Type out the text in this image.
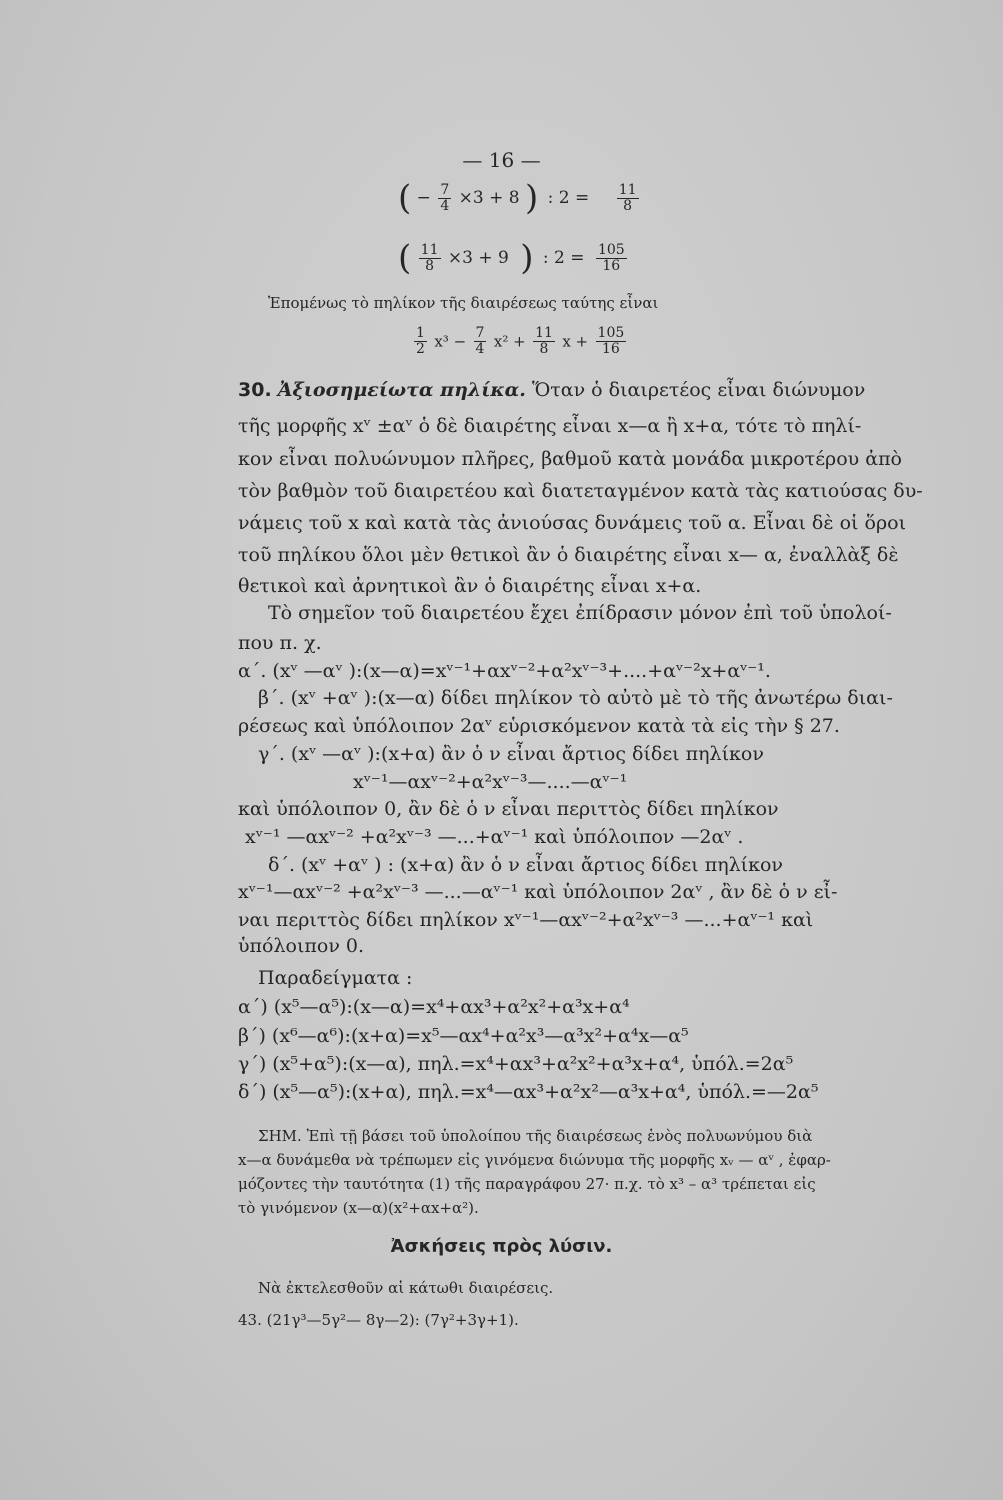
— 16 —
( − $\frac{7}{4} \times 3 + 8$ ) : $2 = \frac{11}{8}$
( $\frac{11}{8} \times 3 + 9$ ) : $2 = \frac{105}{16}$
Ἑπομένως τὸ πηλίκον τῆς διαιρέσεως ταύτης εἶναι
$\frac{1}{2} x^3 - \frac{7}{4} x^2 + \frac{11}{8}$ $x + \frac{105}{16}$
30. Ἀξιοσημείωτα πηλίκα. Ὅταν ὁ διαιρετέος εἶναι διώνυμον
τῆς μορφῆς xᵛ ±αᵛ ὁ δὲ διαιρέτης εἶναι x—α ἢ x+α, τότε τὸ πηλί-
κον εἶναι πολυώνυμον πλῆρες, βαθμοῦ κατὰ μονάδα μικροτέρου ἀπὸ
τὸν βαθμὸν τοῦ διαιρετέου καὶ διατεταγμένον κατὰ τὰς κατιούσας δυ-
νάμεις τοῦ x καὶ κατὰ τὰς ἀνιούσας δυνάμεις τοῦ α. Εἶναι δὲ οἱ ὅροι
τοῦ πηλίκου ὅλοι μὲν θετικοὶ ἂν ὁ διαιρέτης εἶναι x— α, ἐναλλὰξ δὲ
θετικοὶ καὶ ἀρνητικοὶ ἂν ὁ διαιρέτης εἶναι x+α.
Τὸ σημεῖον τοῦ διαιρετέου ἔχει ἐπίδρασιν μόνον ἐπὶ τοῦ ὑπολοί-
που π. χ.
α΄. (xᵛ —αᵛ ):(x—α)=xᵛ⁻¹+αxᵛ⁻²+α²xᵛ⁻³+....+αᵛ⁻²x+αᵛ⁻¹.
β΄. (xᵛ +αᵛ ):(x—α) δίδει πηλίκον τὸ αὐτὸ μὲ τὸ τῆς ἀνωτέρω διαι-
ρέσεως καὶ ὑπόλοιπον 2αᵛ εὑρισκόμενον κατὰ τὰ εἰς τὴν § 27.
γ΄. (xᵛ —αᵛ ):(x+α) ἂν ὁ ν εἶναι ἄρτιος δίδει πηλίκον
xᵛ⁻¹—αxᵛ⁻²+α²xᵛ⁻³—....—αᵛ⁻¹
καὶ ὑπόλοιπον 0, ἂν δὲ ὁ ν εἶναι περιττὸς δίδει πηλίκον
xᵛ⁻¹ —αxᵛ⁻² +α²xᵛ⁻³ —...+αᵛ⁻¹ καὶ ὑπόλοιπον —2αᵛ .
δ΄. (xᵛ +αᵛ ) : (x+α) ἂν ὁ ν εἶναι ἄρτιος δίδει πηλίκον
xᵛ⁻¹—αxᵛ⁻² +α²xᵛ⁻³ —...—αᵛ⁻¹ καὶ ὑπόλοιπον 2αᵛ , ἂν δὲ ὁ ν εἶ-
ναι περιττὸς δίδει πηλίκον xᵛ⁻¹—αxᵛ⁻²+α²xᵛ⁻³ —...+αᵛ⁻¹ καὶ
ὑπόλοιπον 0.
Παραδείγματα :
α΄) (x⁵—α⁵):(x—α)=x⁴+αx³+α²x²+α³x+α⁴
β΄) (x⁶—α⁶):(x+α)=x⁵—αx⁴+α²x³—α³x²+α⁴x—α⁵
γ΄) (x⁵+α⁵):(x—α), πηλ.=x⁴+αx³+α²x²+α³x+α⁴, ὑπόλ.=2α⁵
δ΄) (x⁵—α⁵):(x+α), πηλ.=x⁴—αx³+α²x²—α³x+α⁴, ὑπόλ.=—2α⁵
ΣΗΜ. Ἐπὶ τῇ βάσει τοῦ ὑπολοίπου τῆς διαιρέσεως ἑνὸς πολυωνύμου διὰ
x—α δυνάμεθα νὰ τρέπωμεν εἰς γινόμενα διώνυμα τῆς μορφῆς xᵥ — αᵛ , ἐφαρ-
μόζοντες τὴν ταυτότητα (1) τῆς παραγράφου 27· π.χ. τὸ x³ – α³ τρέπεται εἰς
τὸ γινόμενον (x—α)(x²+αx+α²).
Ἀσκήσεις πρὸς λύσιν.
Νὰ ἐκτελεσθοῦν αἱ κάτωθι διαιρέσεις.
43. (21γ³—5γ²— 8γ—2): (7γ²+3γ+1).
